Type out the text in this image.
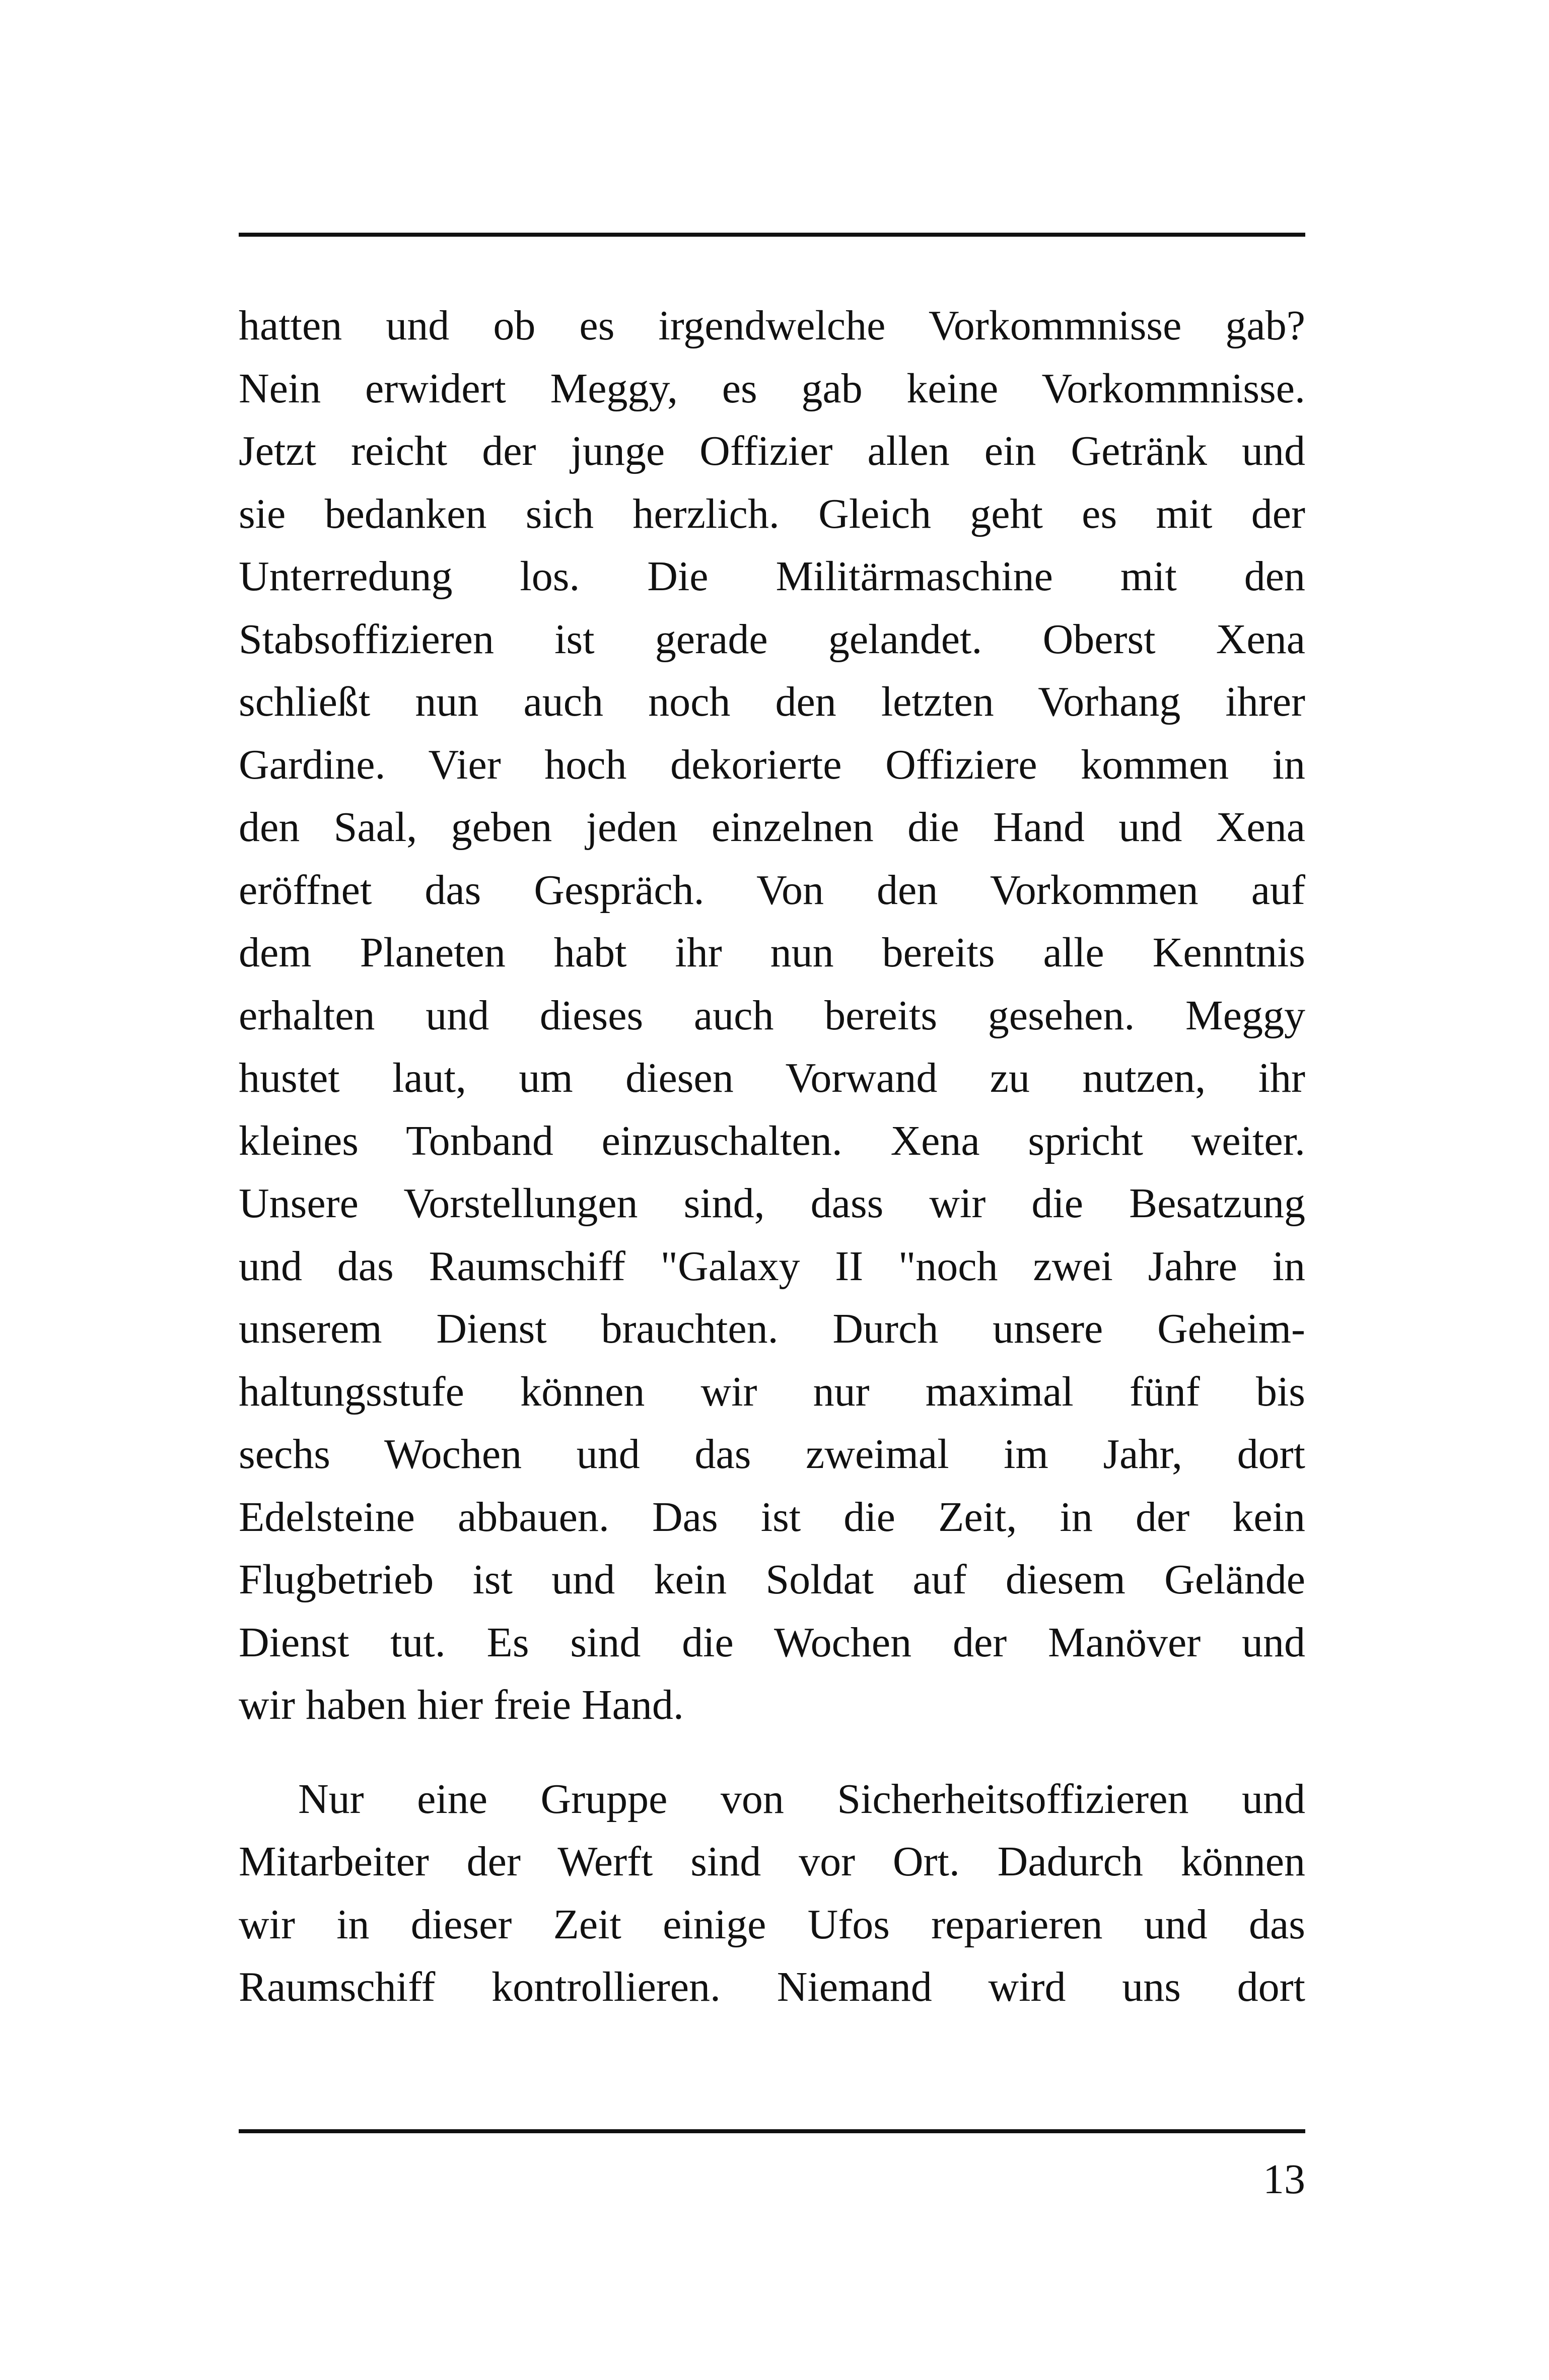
hatten und ob es irgendwelche Vorkommnisse gab?
Nein erwidert Meggy, es gab keine Vorkommnisse.
Jetzt reicht der junge Offizier allen ein Getränk und
sie bedanken sich herzlich. Gleich geht es mit der
Unterredung los. Die Militärmaschine mit den
Stabsoffizieren ist gerade gelandet. Oberst Xena
schließt nun auch noch den letzten Vorhang ihrer
Gardine. Vier hoch dekorierte Offiziere kommen in
den Saal, geben jeden einzelnen die Hand und Xena
eröffnet das Gespräch. Von den Vorkommen auf
dem Planeten habt ihr nun bereits alle Kenntnis
erhalten und dieses auch bereits gesehen. Meggy
hustet laut, um diesen Vorwand zu nutzen, ihr
kleines Tonband einzuschalten. Xena spricht weiter.
Unsere Vorstellungen sind, dass wir die Besatzung
und das Raumschiff "Galaxy II "noch zwei Jahre in
unserem Dienst brauchten. Durch unsere Geheim-
haltungsstufe können wir nur maximal fünf bis
sechs Wochen und das zweimal im Jahr, dort
Edelsteine abbauen. Das ist die Zeit, in der kein
Flugbetrieb ist und kein Soldat auf diesem Gelände
Dienst tut. Es sind die Wochen der Manöver und
wir haben hier freie Hand.
Nur eine Gruppe von Sicherheitsoffizieren und
Mitarbeiter der Werft sind vor Ort. Dadurch können
wir in dieser Zeit einige Ufos reparieren und das
Raumschiff kontrollieren. Niemand wird uns dort
13
